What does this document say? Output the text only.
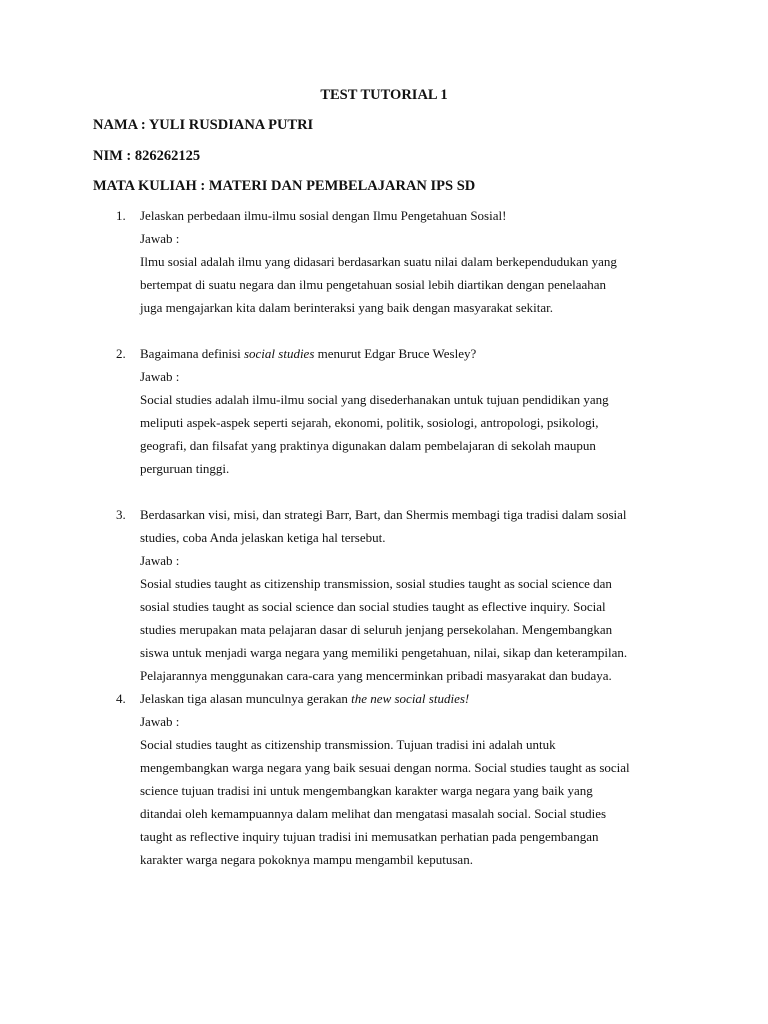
TEST TUTORIAL 1
NAMA : YULI RUSDIANA PUTRI
NIM : 826262125
MATA KULIAH : MATERI DAN PEMBELAJARAN IPS SD
1. Jelaskan perbedaan ilmu-ilmu sosial dengan Ilmu Pengetahuan Sosial!
Jawab :
Ilmu sosial adalah ilmu yang didasari berdasarkan suatu nilai dalam berkependudukan yang
bertempat di suatu negara dan ilmu pengetahuan sosial lebih diartikan dengan penelaahan
juga mengajarkan kita dalam berinteraksi yang baik dengan masyarakat sekitar.
2. Bagaimana definisi social studies menurut Edgar Bruce Wesley?
Jawab :
Social studies adalah ilmu-ilmu social yang disederhanakan untuk tujuan pendidikan yang
meliputi aspek-aspek seperti sejarah, ekonomi, politik, sosiologi, antropologi, psikologi,
geografi, dan filsafat yang praktinya digunakan dalam pembelajaran di sekolah maupun
perguruan tinggi.
3. Berdasarkan visi, misi, dan strategi Barr, Bart, dan Shermis membagi tiga tradisi dalam sosial
studies, coba Anda jelaskan ketiga hal tersebut.
Jawab :
Sosial studies taught as citizenship transmission, sosial studies taught as social science dan
sosial studies taught as social science dan social studies taught as eflective inquiry. Social
studies merupakan mata pelajaran dasar di seluruh jenjang persekolahan. Mengembangkan
siswa untuk menjadi warga negara yang memiliki pengetahuan, nilai, sikap dan keterampilan.
Pelajarannya menggunakan cara-cara yang mencerminkan pribadi masyarakat dan budaya.
4. Jelaskan tiga alasan munculnya gerakan the new social studies!
Jawab :
Social studies taught as citizenship transmission. Tujuan tradisi ini adalah untuk
mengembangkan warga negara yang baik sesuai dengan norma. Social studies taught as social
science tujuan tradisi ini untuk mengembangkan karakter warga negara yang baik yang
ditandai oleh kemampuannya dalam melihat dan mengatasi masalah social. Social studies
taught as reflective inquiry tujuan tradisi ini memusatkan perhatian pada pengembangan
karakter warga negara pokoknya mampu mengambil keputusan.
